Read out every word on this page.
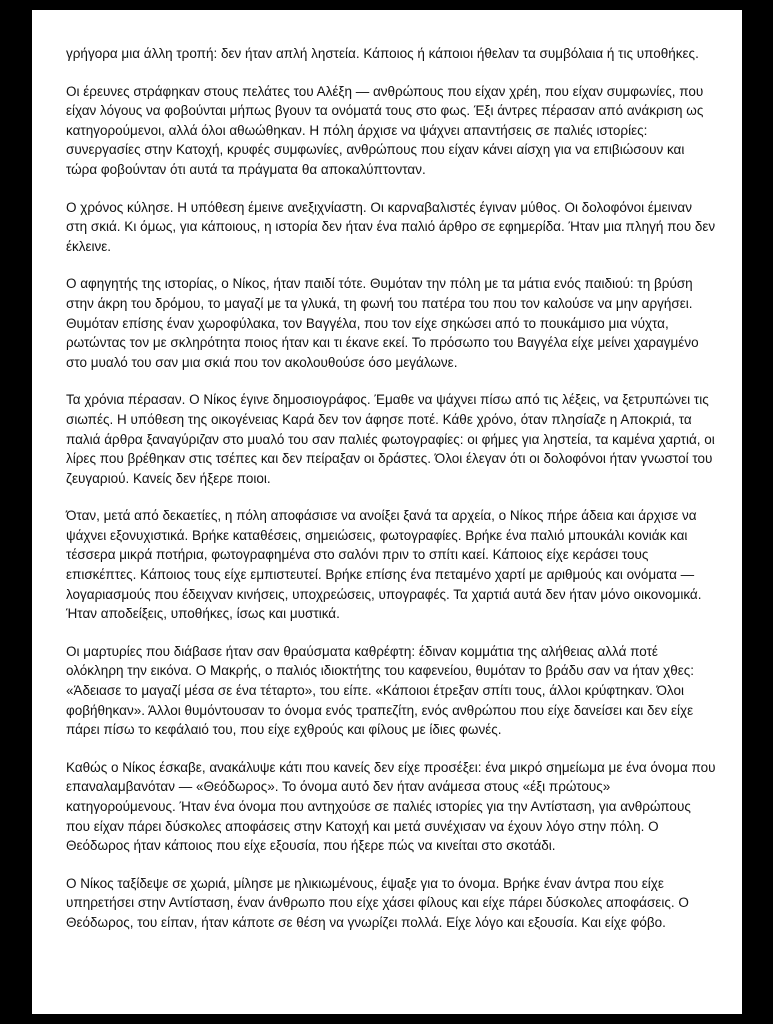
γρήγορα μια άλλη τροπή: δεν ήταν απλή ληστεία. Κάποιος ή κάποιοι ήθελαν τα συμβόλαια ή τις υποθήκες.

Οι έρευνες στράφηκαν στους πελάτες του Αλέξη — ανθρώπους που είχαν χρέη, που είχαν συμφωνίες, που είχαν λόγους να φοβούνται μήπως βγουν τα ονόματά τους στο φως. Έξι άντρες πέρασαν από ανάκριση ως κατηγορούμενοι, αλλά όλοι αθωώθηκαν. Η πόλη άρχισε να ψάχνει απαντήσεις σε παλιές ιστορίες: συνεργασίες στην Κατοχή, κρυφές συμφωνίες, ανθρώπους που είχαν κάνει αίσχη για να επιβιώσουν και τώρα φοβούνταν ότι αυτά τα πράγματα θα αποκαλύπτονταν.

Ο χρόνος κύλησε. Η υπόθεση έμεινε ανεξιχνίαστη. Οι καρναβαλιστές έγιναν μύθος. Οι δολοφόνοι έμειναν στη σκιά. Κι όμως, για κάποιους, η ιστορία δεν ήταν ένα παλιό άρθρο σε εφημερίδα. Ήταν μια πληγή που δεν έκλεινε.

Ο αφηγητής της ιστορίας, ο Νίκος, ήταν παιδί τότε. Θυμόταν την πόλη με τα μάτια ενός παιδιού: τη βρύση στην άκρη του δρόμου, το μαγαζί με τα γλυκά, τη φωνή του πατέρα του που τον καλούσε να μην αργήσει. Θυμόταν επίσης έναν χωροφύλακα, τον Βαγγέλα, που τον είχε σηκώσει από το πουκάμισο μια νύχτα, ρωτώντας τον με σκληρότητα ποιος ήταν και τι έκανε εκεί. Το πρόσωπο του Βαγγέλα είχε μείνει χαραγμένο στο μυαλό του σαν μια σκιά που τον ακολουθούσε όσο μεγάλωνε.

Τα χρόνια πέρασαν. Ο Νίκος έγινε δημοσιογράφος. Έμαθε να ψάχνει πίσω από τις λέξεις, να ξετρυπώνει τις σιωπές. Η υπόθεση της οικογένειας Καρά δεν τον άφησε ποτέ. Κάθε χρόνο, όταν πλησίαζε η Αποκριά, τα παλιά άρθρα ξαναγύριζαν στο μυαλό του σαν παλιές φωτογραφίες: οι φήμες για ληστεία, τα καμένα χαρτιά, οι λίρες που βρέθηκαν στις τσέπες και δεν πείραξαν οι δράστες. Όλοι έλεγαν ότι οι δολοφόνοι ήταν γνωστοί του ζευγαριού. Κανείς δεν ήξερε ποιοι.

Όταν, μετά από δεκαετίες, η πόλη αποφάσισε να ανοίξει ξανά τα αρχεία, ο Νίκος πήρε άδεια και άρχισε να ψάχνει εξονυχιστικά. Βρήκε καταθέσεις, σημειώσεις, φωτογραφίες. Βρήκε ένα παλιό μπουκάλι κονιάκ και τέσσερα μικρά ποτήρια, φωτογραφημένα στο σαλόνι πριν το σπίτι καεί. Κάποιος είχε κεράσει τους επισκέπτες. Κάποιος τους είχε εμπιστευτεί. Βρήκε επίσης ένα πεταμένο χαρτί με αριθμούς και ονόματα — λογαριασμούς που έδειχναν κινήσεις, υποχρεώσεις, υπογραφές. Τα χαρτιά αυτά δεν ήταν μόνο οικονομικά. Ήταν αποδείξεις, υποθήκες, ίσως και μυστικά.

Οι μαρτυρίες που διάβασε ήταν σαν θραύσματα καθρέφτη: έδιναν κομμάτια της αλήθειας αλλά ποτέ ολόκληρη την εικόνα. Ο Μακρής, ο παλιός ιδιοκτήτης του καφενείου, θυμόταν το βράδυ σαν να ήταν χθες: «Άδειασε το μαγαζί μέσα σε ένα τέταρτο», του είπε. «Κάποιοι έτρεξαν σπίτι τους, άλλοι κρύφτηκαν. Όλοι φοβήθηκαν». Άλλοι θυμόντουσαν το όνομα ενός τραπεζίτη, ενός ανθρώπου που είχε δανείσει και δεν είχε πάρει πίσω το κεφάλαιό του, που είχε εχθρούς και φίλους με ίδιες φωνές.

Καθώς ο Νίκος έσκαβε, ανακάλυψε κάτι που κανείς δεν είχε προσέξει: ένα μικρό σημείωμα με ένα όνομα που επαναλαμβανόταν — «Θεόδωρος». Το όνομα αυτό δεν ήταν ανάμεσα στους «έξι πρώτους» κατηγορούμενους. Ήταν ένα όνομα που αντηχούσε σε παλιές ιστορίες για την Αντίσταση, για ανθρώπους που είχαν πάρει δύσκολες αποφάσεις στην Κατοχή και μετά συνέχισαν να έχουν λόγο στην πόλη. Ο Θεόδωρος ήταν κάποιος που είχε εξουσία, που ήξερε πώς να κινείται στο σκοτάδι.

Ο Νίκος ταξίδεψε σε χωριά, μίλησε με ηλικιωμένους, έψαξε για το όνομα. Βρήκε έναν άντρα που είχε υπηρετήσει στην Αντίσταση, έναν άνθρωπο που είχε χάσει φίλους και είχε πάρει δύσκολες αποφάσεις. Ο Θεόδωρος, του είπαν, ήταν κάποτε σε θέση να γνωρίζει πολλά. Είχε λόγο και εξουσία. Και είχε φόβο.
